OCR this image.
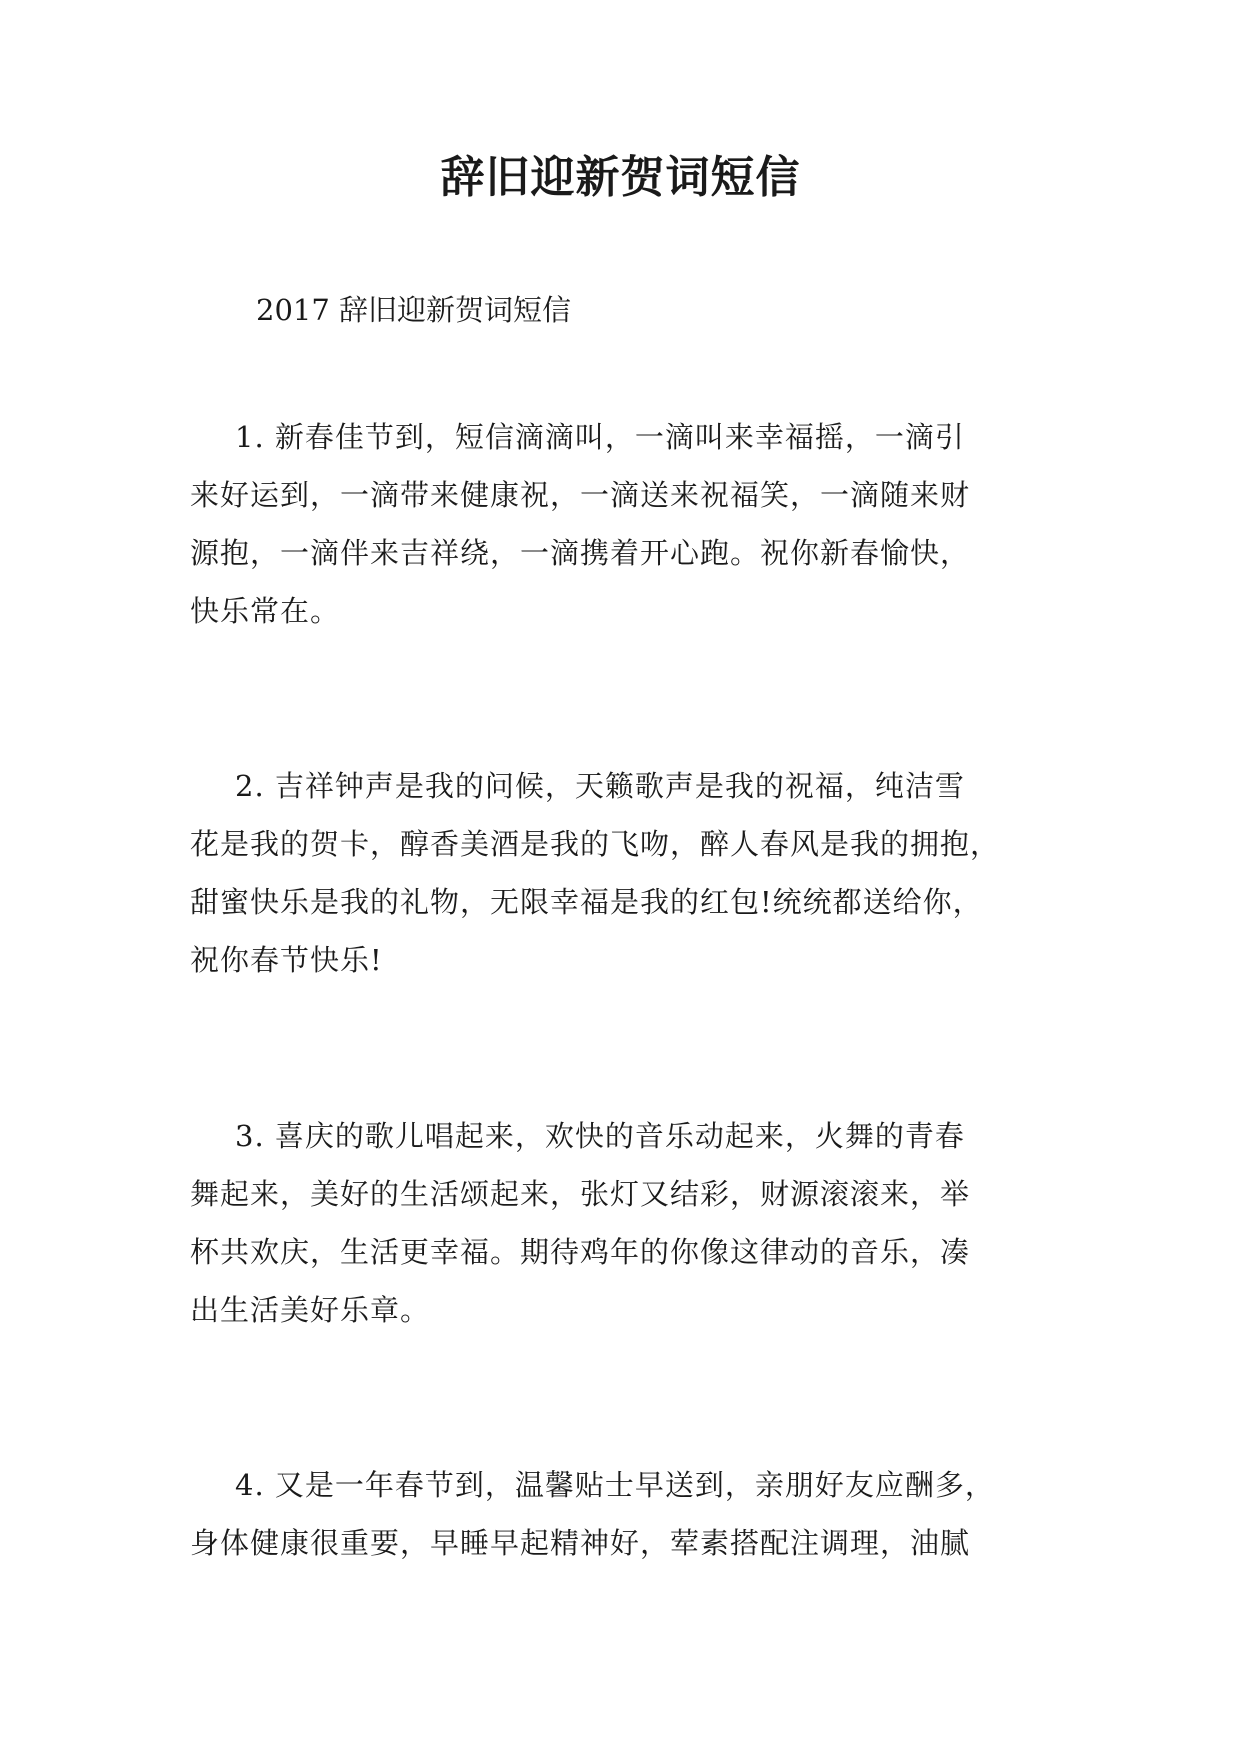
辞旧迎新贺词短信

2017 辞旧迎新贺词短信

1. 新春佳节到，短信滴滴叫，一滴叫来幸福摇，一滴引
来好运到，一滴带来健康祝，一滴送来祝福笑，一滴随来财
源抱，一滴伴来吉祥绕，一滴携着开心跑。祝你新春愉快，
快乐常在。
2. 吉祥钟声是我的问候，天籁歌声是我的祝福，纯洁雪
花是我的贺卡，醇香美酒是我的飞吻，醉人春风是我的拥抱，
甜蜜快乐是我的礼物，无限幸福是我的红包!统统都送给你，
祝你春节快乐!
3. 喜庆的歌儿唱起来，欢快的音乐动起来，火舞的青春
舞起来，美好的生活颂起来，张灯又结彩，财源滚滚来，举
杯共欢庆，生活更幸福。期待鸡年的你像这律动的音乐，凑
出生活美好乐章。
4. 又是一年春节到，温馨贴士早送到，亲朋好友应酬多，
身体健康很重要，早睡早起精神好，荤素搭配注调理，油腻
